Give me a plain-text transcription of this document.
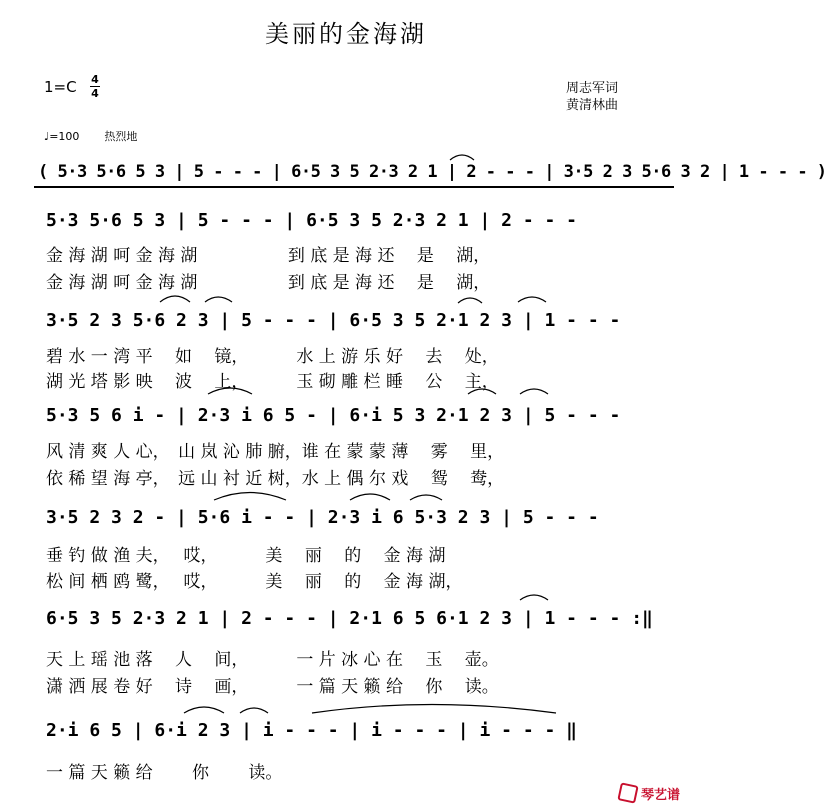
美丽的金海湖
1=C 4
4	周志军词
黄清林曲
♩=100 热烈地
( 5·3 5·6 5 3 | 5 - - - | 6·5 3 5 2·3 2 1 | 2 - - - | 3·5 2 3 5·6 3 2 | 1 - - - )
5·3 5·6 5 3 | 5 - - - | 6·5 3 5 2·3 2 1 | 2 - - -
金 海 湖 呵 金 海 湖　　　　　 到 底 是 海 还　 是　 湖，
金 海 湖 呵 金 海 湖　　　　　 到 底 是 海 还　 是　 湖，
3·5 2 3 5·6 2 3 | 5 - - - | 6·5 3 5 2·1 2 3 | 1 - - -
碧 水 一 湾 平　 如　 镜，　　　 水 上 游 乐 好　 去　 处，
湖 光 塔 影 映　 波　 上，　　　 玉 砌 雕 栏 睡　 公　 主，
5·3 5 6 i - | 2·3 i 6 5 - | 6·i 5 3 2·1 2 3 | 5 - - -
风 清 爽 人 心，　山 岚 沁 肺 腑，谁 在 蒙 蒙 薄　 雾　 里，
依 稀 望 海 亭，　远 山 衬 近 树，水 上 偶 尔 戏　 鸳　 鸯，
3·5 2 3 2 - | 5·6 i - - | 2·3 i 6 5·3 2 3 | 5 - - -
垂 钓 做 渔 夫，　 哎，　　　 美　 丽　 的　 金 海 湖
松 间 栖 鸥 鹭，　 哎，　　　 美　 丽　 的　 金 海 湖，
6·5 3 5 2·3 2 1 | 2 - - - | 2·1 6 5 6·1 2 3 | 1 - - - :‖
天 上 瑶 池 落　 人　 间，　　　 一 片 冰 心 在　 玉　 壶。
潇 洒 展 卷 好　 诗　 画，　　　 一 篇 天 籁 给　 你　 读。
2·i 6 5 | 6·i 2 3 | i - - - | i - - - | i - - - ‖
一 篇 天 籁 给　　 你　　 读。
琴艺谱
